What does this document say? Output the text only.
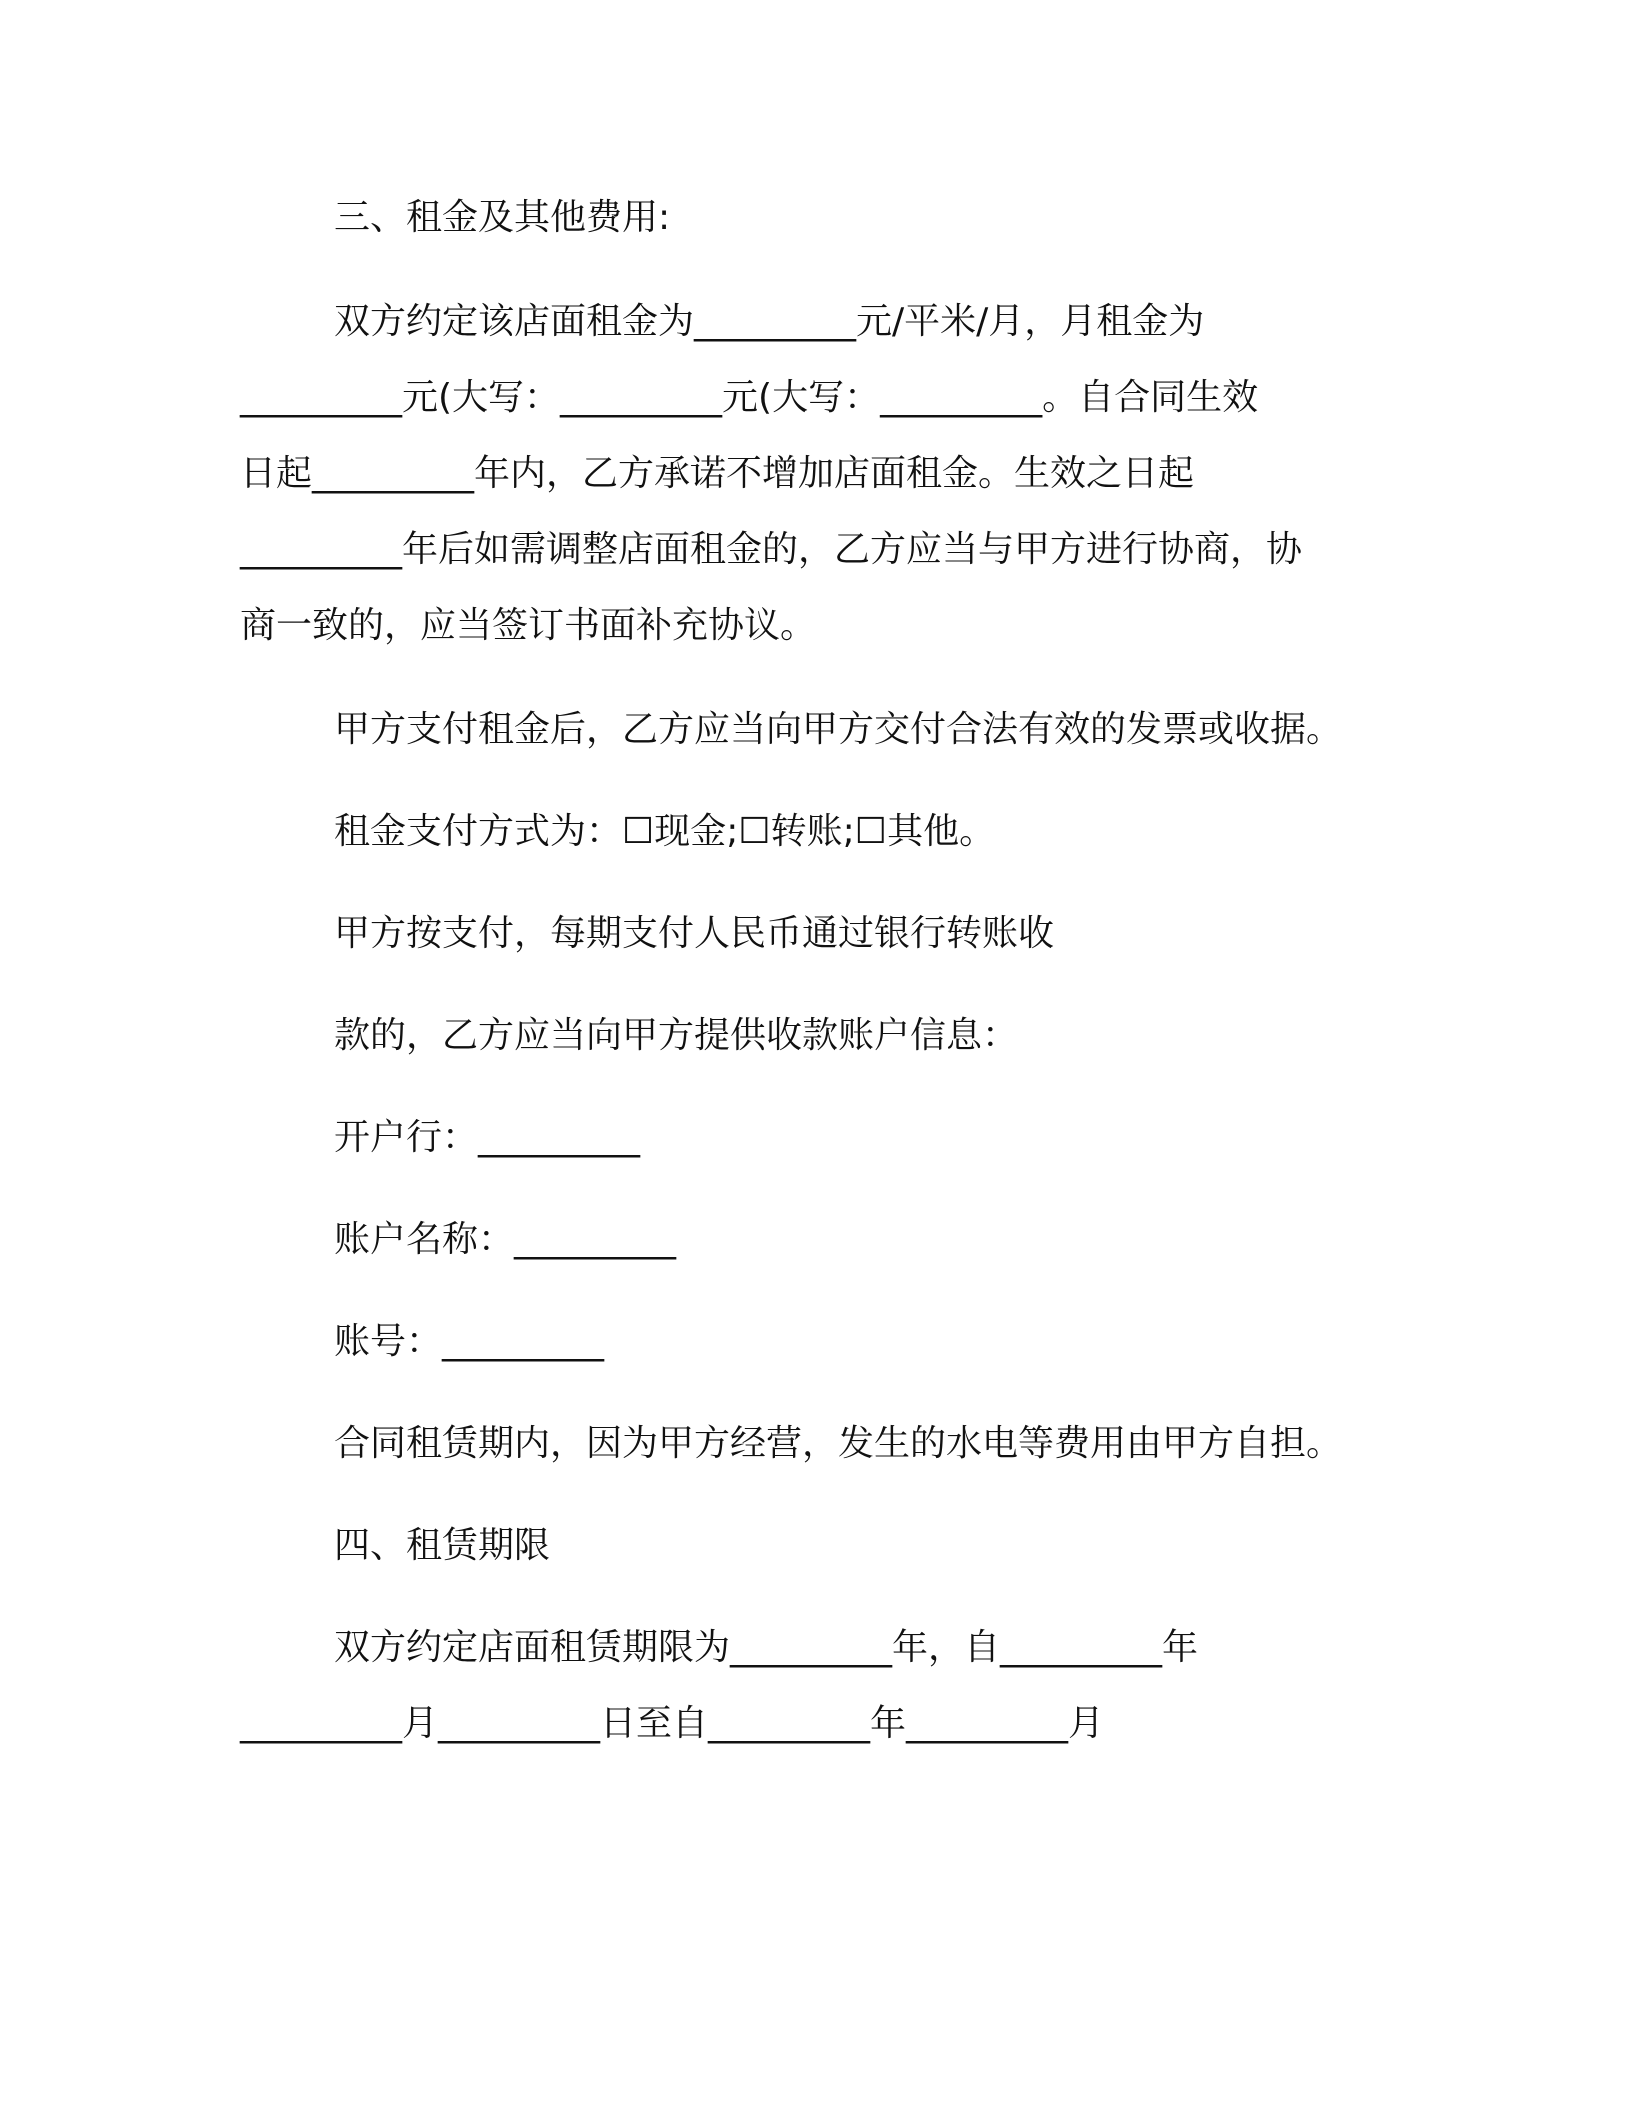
三、租金及其他费用:
双方约定该店面租金为_________元/平米/月，月租金为
_________元(大写：_________元(大写：_________。自合同生效
日起_________年内，乙方承诺不增加店面租金。生效之日起
_________年后如需调整店面租金的，乙方应当与甲方进行协商，协
商一致的，应当签订书面补充协议。
甲方支付租金后，乙方应当向甲方交付合法有效的发票或收据。
租金支付方式为：☐现金;☐转账;☐其他。
甲方按支付，每期支付人民币通过银行转账收
款的，乙方应当向甲方提供收款账户信息：
开户行：_________
账户名称：_________
账号：_________
合同租赁期内，因为甲方经营，发生的水电等费用由甲方自担。
四、租赁期限
双方约定店面租赁期限为_________年，自_________年
_________月_________日至自_________年_________月
